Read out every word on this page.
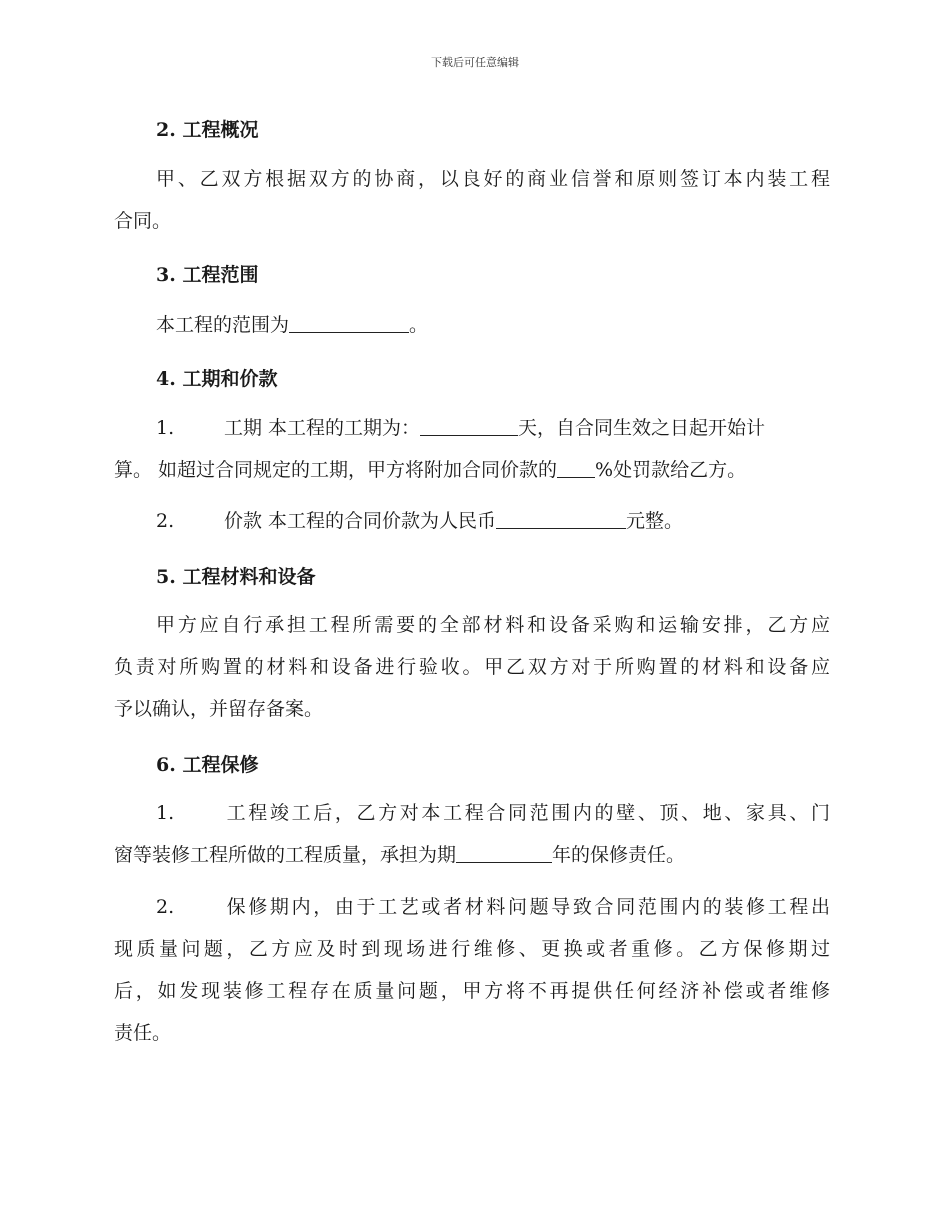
下载后可任意编辑
2. 工程概况
甲、乙双方根据双方的协商，以良好的商业信誉和原则签订本内装工程
合同。
3. 工程范围
本工程的范围为	。
4. 工期和价款
1.	工期 本工程的工期为：	天，自合同生效之日起开始计
算。 如超过合同规定的工期，甲方将附加合同价款的 %处罚款给乙方。
2.	价款 本工程的合同价款为人民币	元整。
5. 工程材料和设备
甲方应自行承担工程所需要的全部材料和设备采购和运输安排，乙方应
负责对所购置的材料和设备进行验收。甲乙双方对于所购置的材料和设备应
予以确认，并留存备案。
6. 工程保修
1.	工程竣工后，乙方对本工程合同范围内的壁、顶、地、家具、门
窗等装修工程所做的工程质量，承担为期	年的保修责任。
2.	保修期内，由于工艺或者材料问题导致合同范围内的装修工程出
现质量问题，乙方应及时到现场进行维修、更换或者重修。乙方保修期过
后，如发现装修工程存在质量问题，甲方将不再提供任何经济补偿或者维修
责任。
